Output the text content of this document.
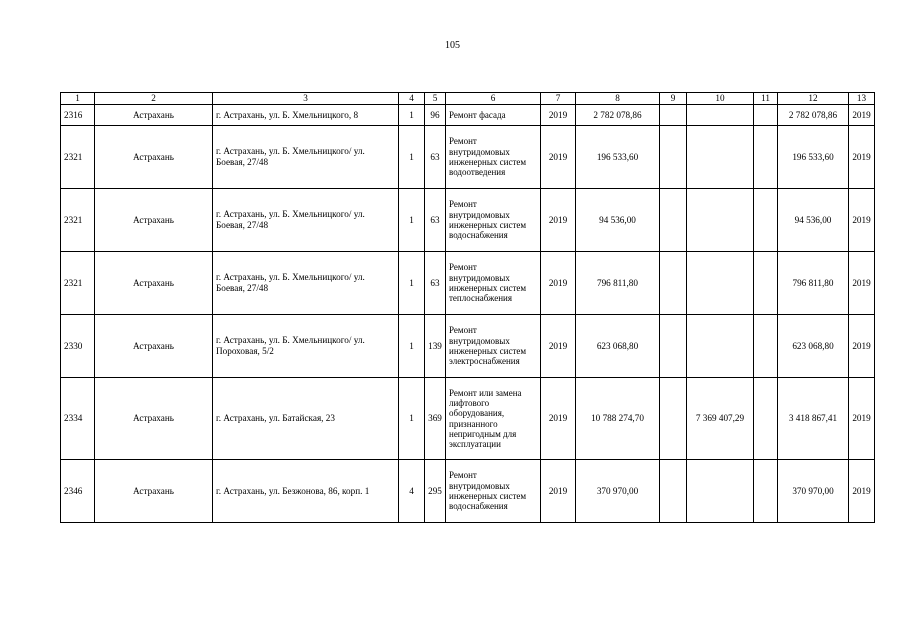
105
1	2	3	4	5	6	7	8	9	10	11	12	13
2316	Астрахань	г. Астрахань, ул. Б. Хмельницкого, 8	1	96	Ремонт фасада	2019	2 782 078,86				2 782 078,86	2019
2321	Астрахань	г. Астрахань, ул. Б. Хмельницкого/ ул. Боевая, 27/48	1	63	Ремонт внутридомовых инженерных систем водоотведения	2019	196 533,60				196 533,60	2019
2321	Астрахань	г. Астрахань, ул. Б. Хмельницкого/ ул. Боевая, 27/48	1	63	Ремонт внутридомовых инженерных систем водоснабжения	2019	94 536,00				94 536,00	2019
2321	Астрахань	г. Астрахань, ул. Б. Хмельницкого/ ул. Боевая, 27/48	1	63	Ремонт внутридомовых инженерных систем теплоснабжения	2019	796 811,80				796 811,80	2019
2330	Астрахань	г. Астрахань, ул. Б. Хмельницкого/ ул. Пороховая, 5/2	1	139	Ремонт внутридомовых инженерных систем электроснабжения	2019	623 068,80				623 068,80	2019
2334	Астрахань	г. Астрахань, ул. Батайская, 23	1	369	Ремонт или замена лифтового оборудования, признанного непригодным для эксплуатации	2019	10 788 274,70		7 369 407,29		3 418 867,41	2019
2346	Астрахань	г. Астрахань, ул. Безжонова, 86, корп. 1	4	295	Ремонт внутридомовых инженерных систем водоснабжения	2019	370 970,00				370 970,00	2019
